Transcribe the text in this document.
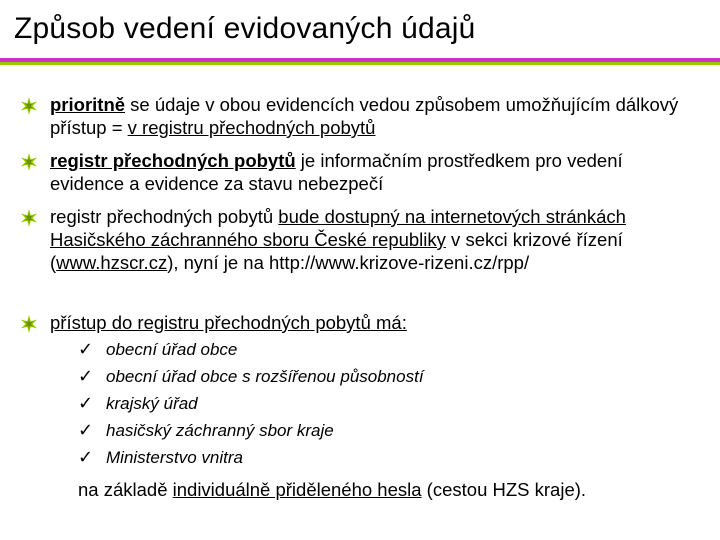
Způsob vedení evidovaných údajů
prioritně se údaje v obou evidencích vedou způsobem umožňujícím dálkový přístup = v registru přechodných pobytů
registr přechodných pobytů je informačním prostředkem pro vedení evidence a evidence za stavu nebezpečí
registr přechodných pobytů bude dostupný na internetových stránkách Hasičského záchranného sboru České republiky v sekci krizové řízení (www.hzscr.cz), nyní je na http://www.krizove-rizeni.cz/rpp/
přístup do registru přechodných pobytů má:
✓ obecní úřad obce
✓ obecní úřad obce s rozšířenou působností
✓ krajský úřad
✓ hasičský záchranný sbor kraje
✓ Ministerstvo vnitra
na základě individuálně přiděleného hesla (cestou HZS kraje).
